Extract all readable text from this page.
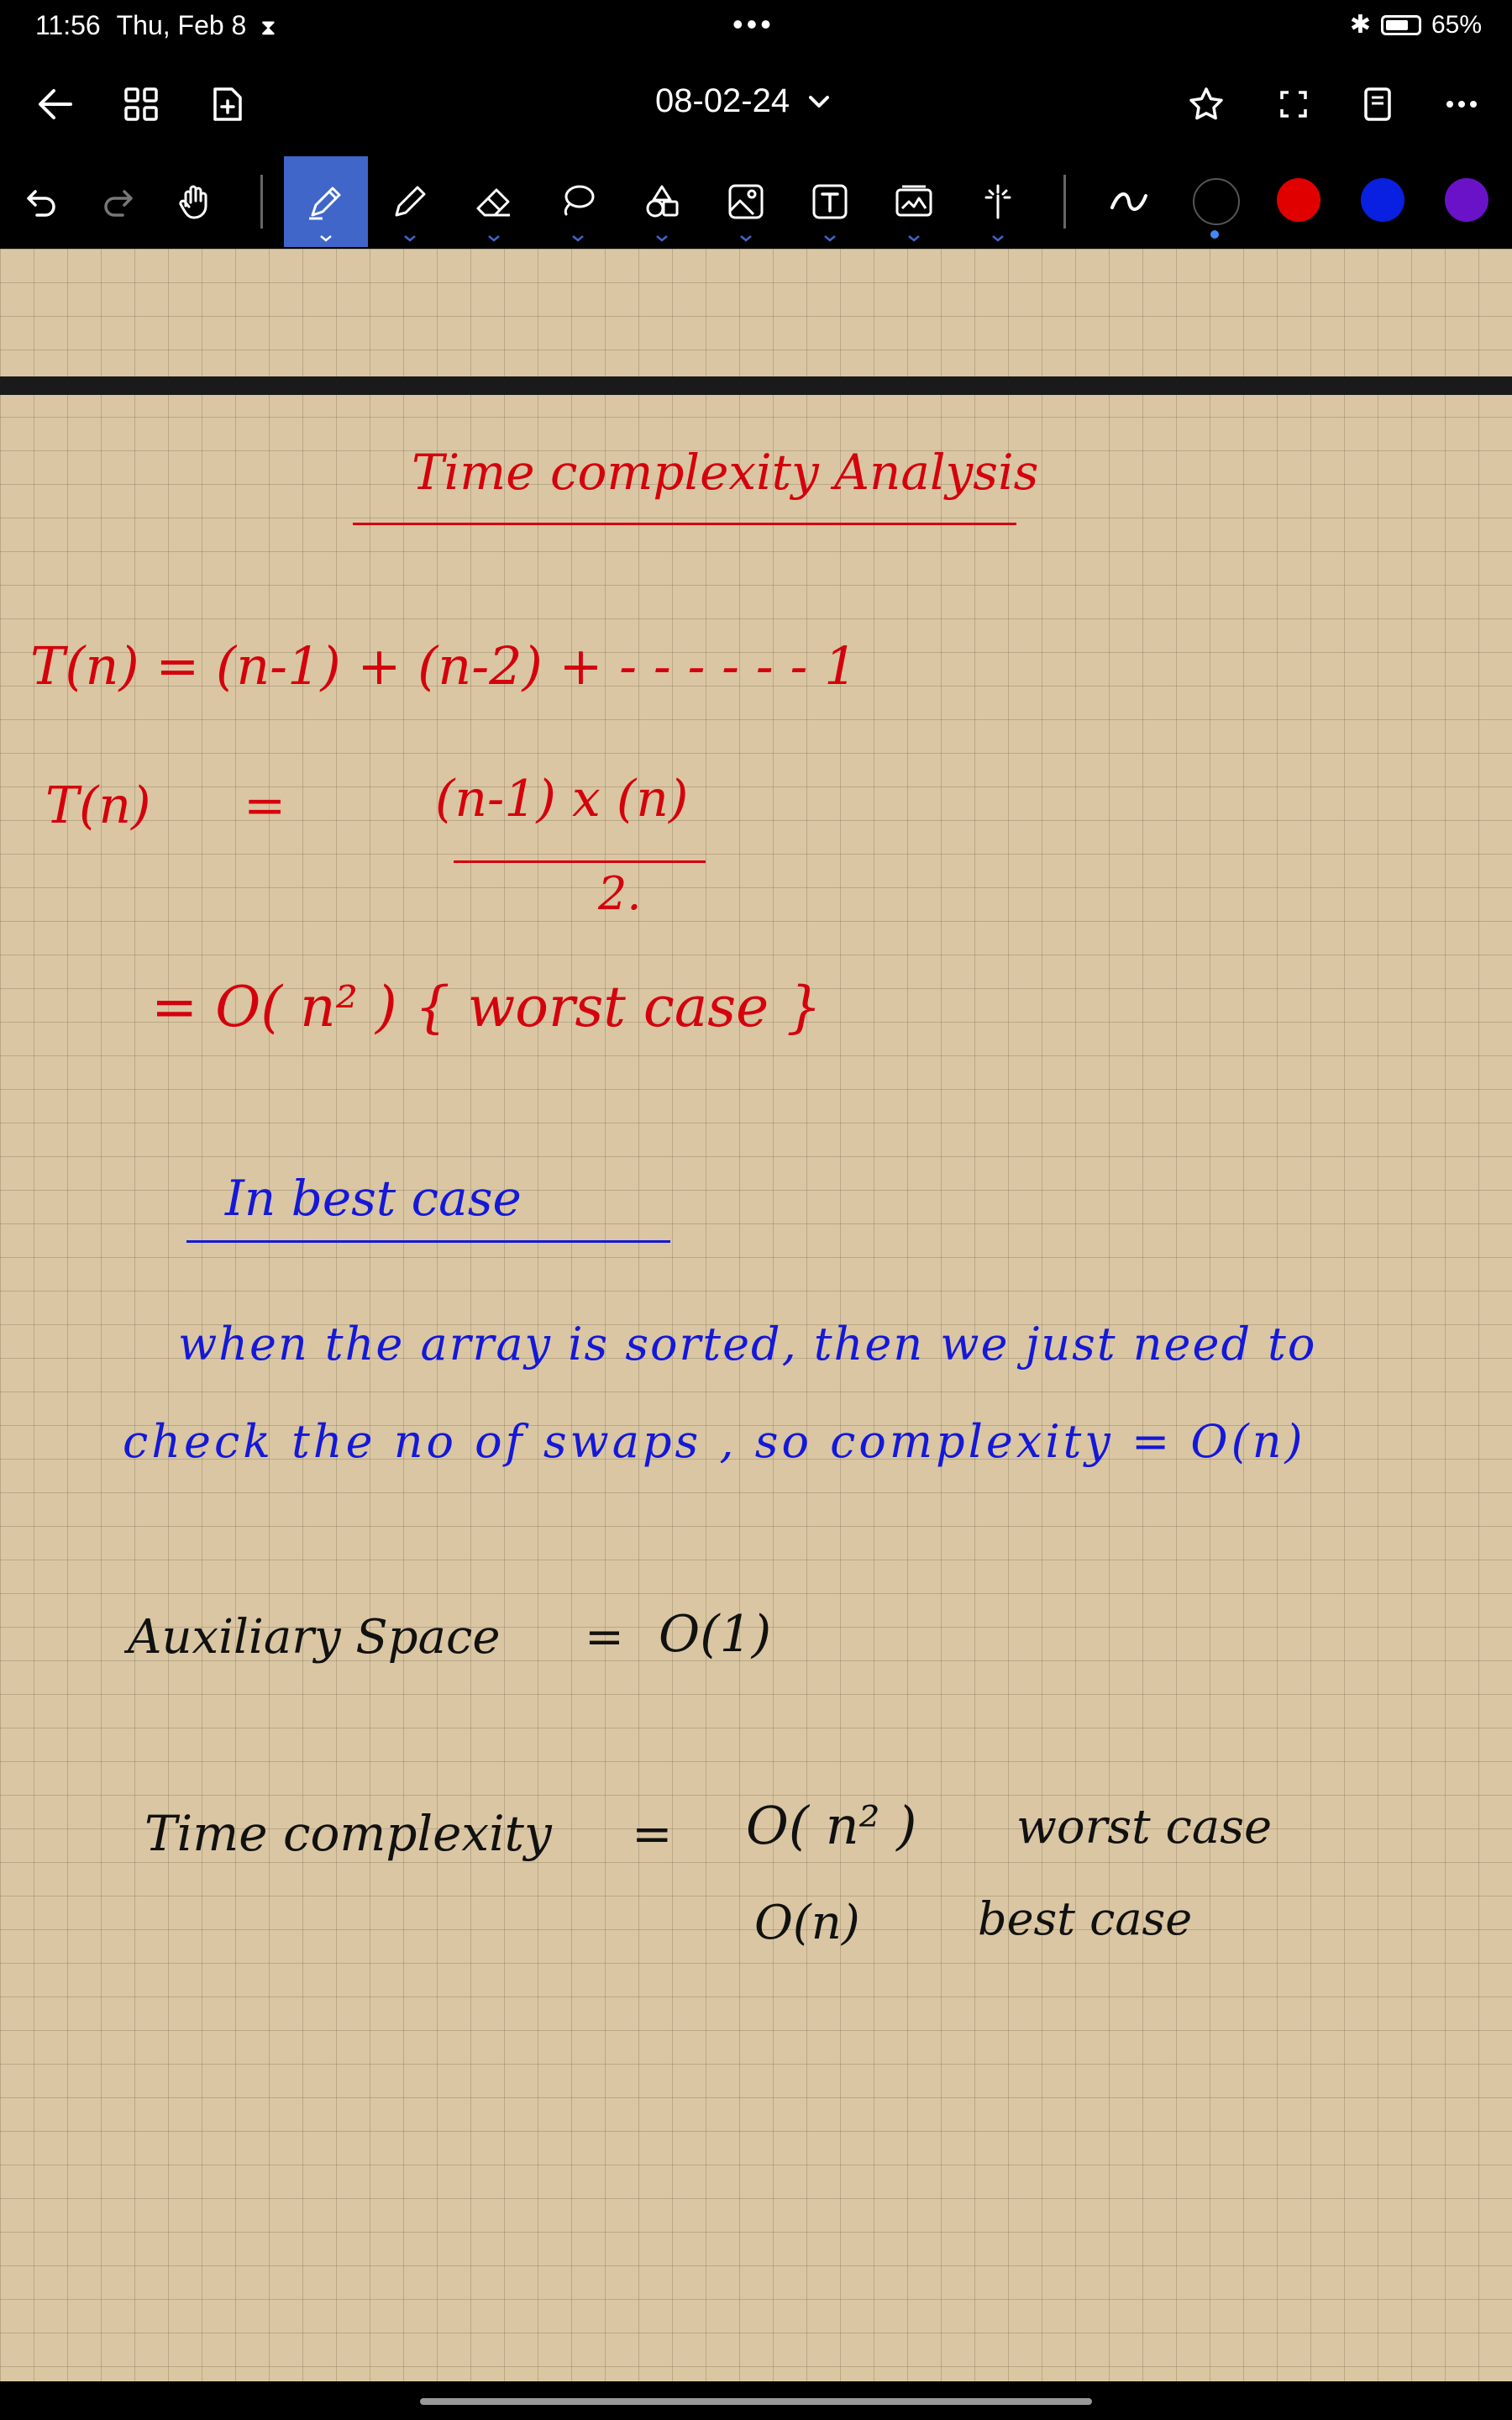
11:56 Thu, Feb 8 ⧗	•••	✱ 65%
08-02-24
Time complexity Analysis
T(n) = (n-1) + (n-2) + - - - - - - 1
T(n) =	(n-1) x (n)
2.
= O( n² ) { worst case }
In best case
when the array is sorted, then we just need to
check the no of swaps , so complexity = O(n)
Auxiliary Space = O(1)
Time complexity = O( n² ) worst case
O(n)	best case
